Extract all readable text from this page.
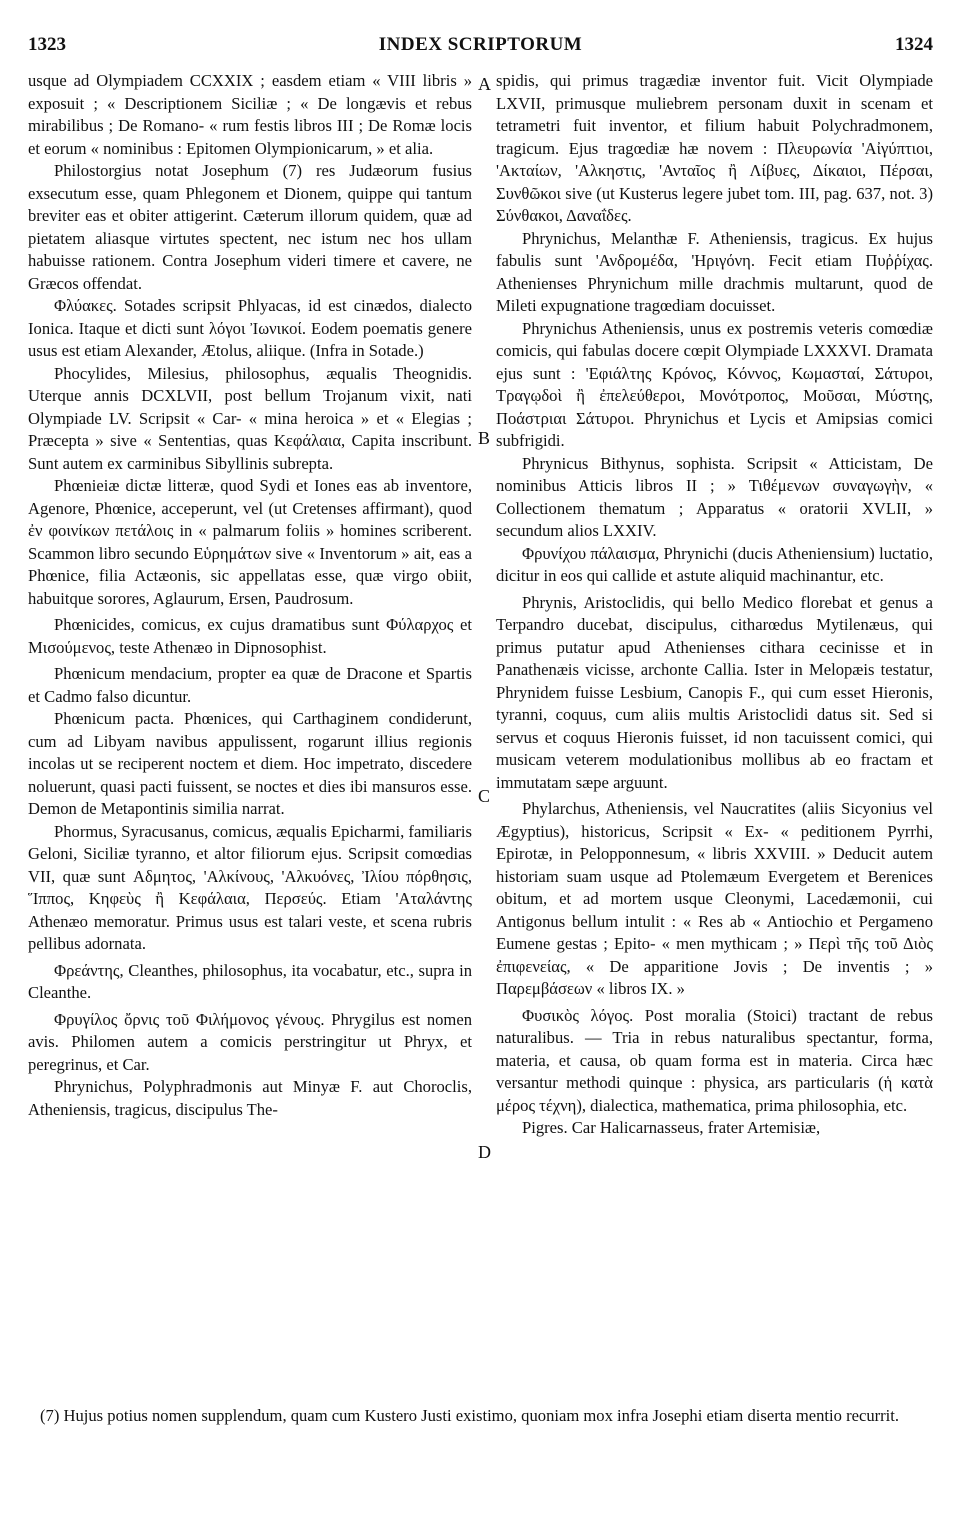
1323	INDEX SCRIPTORUM	1324

usque ad Olympiadem CCXXIX ; easdem etiam « VIII libris » exposuit ; « Descriptionem Siciliæ ; « De longævis et rebus mirabilibus ; De Romano- « rum festis libros III ; De Romæ locis et eorum « nominibus : Epitomen Olympionicarum, » et alia.

Philostorgius notat Josephum (7) res Judæorum fusius exsecutum esse, quam Phlegonem et Dionem, quippe qui tantum breviter eas et obiter attigerint. Cæterum illorum quidem, quæ ad pietatem aliasque virtutes spectent, nec istum nec hos ullam habuisse rationem. Contra Josephum videri timere et cavere, ne Græcos offendat.

Φλύακες. Sotades scripsit Phlyacas, id est cinædos, dialecto Ionica. Itaque et dicti sunt λόγοι Ἰωνικοί. Eodem poematis genere usus est etiam Alexander, Ætolus, aliique. (Infra in Sotade.)

Phocylides, Milesius, philosophus, æqualis Theognidis. Uterque annis DCXLVII, post bellum Trojanum vixit, nati Olympiade LV. Scripsit « Car- « mina heroica » et « Elegias ; Præcepta » sive « Sententias, quas Κεφάλαια, Capita inscribunt. Sunt autem ex carminibus Sibyllinis subrepta.

Phœnieiæ dictæ litteræ, quod Sydi et Iones eas ab inventore, Agenore, Phœnice, acceperunt, vel (ut Cretenses affirmant), quod ἐν φοινίκων πετάλοις in « palmarum foliis » homines scriberent. Scammon libro secundo Εὑρημάτων sive « Inventorum » ait, eas a Phœnice, filia Actæonis, sic appellatas esse, quæ virgo obiit, habuitque sorores, Aglaurum, Ersen, Paudrosum.

Phœnicides, comicus, ex cujus dramatibus sunt Φύλαρχος et Μισούμενος, teste Athenæo in Dipnosophist.

Phœnicum mendacium, propter ea quæ de Dracone et Spartis et Cadmo falso dicuntur.

Phœnicum pacta. Phœnices, qui Carthaginem condiderunt, cum ad Libyam navibus appulissent, rogarunt illius regionis incolas ut se reciperent noctem et diem. Hoc impetrato, discedere noluerunt, quasi pacti fuissent, se noctes et dies ibi mansuros esse. Demon de Metapontinis similia narrat.

Phormus, Syracusanus, comicus, æqualis Epicharmi, familiaris Geloni, Siciliæ tyranno, et altor filiorum ejus. Scripsit comœdias VII, quæ sunt Αδμητος, 'Αλκίνους, 'Αλκυόνες, Ἰλίου πόρθησις, Ἵππος, Κηφεὺς ἢ Κεφάλαια, Περσεύς. Etiam 'Αταλάντης Athenæo memoratur. Primus usus est talari veste, et scena rubris pellibus adornata.

Φρεάντης, Cleanthes, philosophus, ita vocabatur, etc., supra in Cleanthe.

Φρυγίλος ὄρνις τοῦ Φιλήμονος γένους. Phrygilus est nomen avis. Philomen autem a comicis perstringitur ut Phryx, et peregrinus, et Car.

Phrynichus, Polyphradmonis aut Minyæ F. aut Choroclis, Atheniensis, tragicus, discipulus The-

A
B
C
D

spidis, qui primus tragædiæ inventor fuit. Vicit Olympiade LXVII, primusque muliebrem personam duxit in scenam et tetrametri fuit inventor, et filium habuit Polychradmonem, tragicum. Ejus tragœdiæ hæ novem : Πλευρωνία 'Αἰγύπτιοι, 'Ακταίων, 'Αλκηστις, 'Ανταῖος ἢ Λίβυες, Δίκαιοι, Πέρσαι, Συνθῶκοι sive (ut Kusterus legere jubet tom. III, pag. 637, not. 3) Σύνθακοι, Δαναΐδες.

Phrynichus, Melanthæ F. Atheniensis, tragicus. Ex hujus fabulis sunt 'Ανδρομέδα, 'Ηριγόνη. Fecit etiam Πυῤῥίχας. Athenienses Phrynichum mille drachmis multarunt, quod de Mileti expugnatione tragœdiam docuisset.

Phrynichus Atheniensis, unus ex postremis veteris comœdiæ comicis, qui fabulas docere cœpit Olympiade LXXXVI. Dramata ejus sunt : 'Εφιάλτης Κρόνος, Κόννος, Κωμασταί, Σάτυροι, Τραγῳδοὶ ἢ ἐπελεύθεροι, Μονότροπος, Μοῦσαι, Μύστης, Ποάστριαι Σάτυροι. Phrynichus et Lycis et Amipsias comici subfrigidi.

Phrynicus Bithynus, sophista. Scripsit « Atticistam, De nominibus Atticis libros II ; » Τιθέμενων συναγωγὴν, « Collectionem thematum ; Apparatus « oratorii XVLII, » secundum alios LXXIV.

Φρυνίχου πάλαισμα, Phrynichi (ducis Atheniensium) luctatio, dicitur in eos qui callide et astute aliquid machinantur, etc.

Phrynis, Aristoclidis, qui bello Medico florebat et genus a Terpandro ducebat, discipulus, citharœdus Mytilenæus, qui primus putatur apud Athenienses cithara cecinisse et in Panathenæis vicisse, archonte Callia. Ister in Melopæis testatur, Phrynidem fuisse Lesbium, Canopis F., qui cum esset Hieronis, tyranni, coquus, cum aliis multis Aristoclidi datus sit. Sed si servus et coquus Hieronis fuisset, id non tacuissent comici, qui musicam veterem modulationibus mollibus ab eo fractam et immutatam sæpe arguunt.

Phylarchus, Atheniensis, vel Naucratites (aliis Sicyonius vel Ægyptius), historicus, Scripsit « Ex- « peditionem Pyrrhi, Epirotæ, in Pelopponnesum, « libris XXVIII. » Deducit autem historiam suam usque ad Ptolemæum Evergetem et Berenices obitum, et ad mortem usque Cleonymi, Lacedæmonii, cui Antigonus bellum intulit : « Res ab « Antiochio et Pergameno Eumene gestas ; Epito- « men mythicam ; » Περὶ τῆς τοῦ Διὸς ἐπιφενείας, « De apparitione Jovis ; De inventis ; » Παρεμβάσεων « libros IX. »

Φυσικὸς λόγος. Post moralia (Stoici) tractant de rebus naturalibus. — Tria in rebus naturalibus spectantur, forma, materia, et causa, ob quam forma est in materia. Circa hæc versantur methodi quinque : physica, ars particularis (ἡ κατὰ μέρος τέχνη), dialectica, mathematica, prima philosophia, etc.

Pigres. Car Halicarnasseus, frater Artemisiæ,

(7) Hujus potius nomen supplendum, quam cum Kustero Justi existimo, quoniam mox infra Josephi etiam diserta mentio recurrit.
